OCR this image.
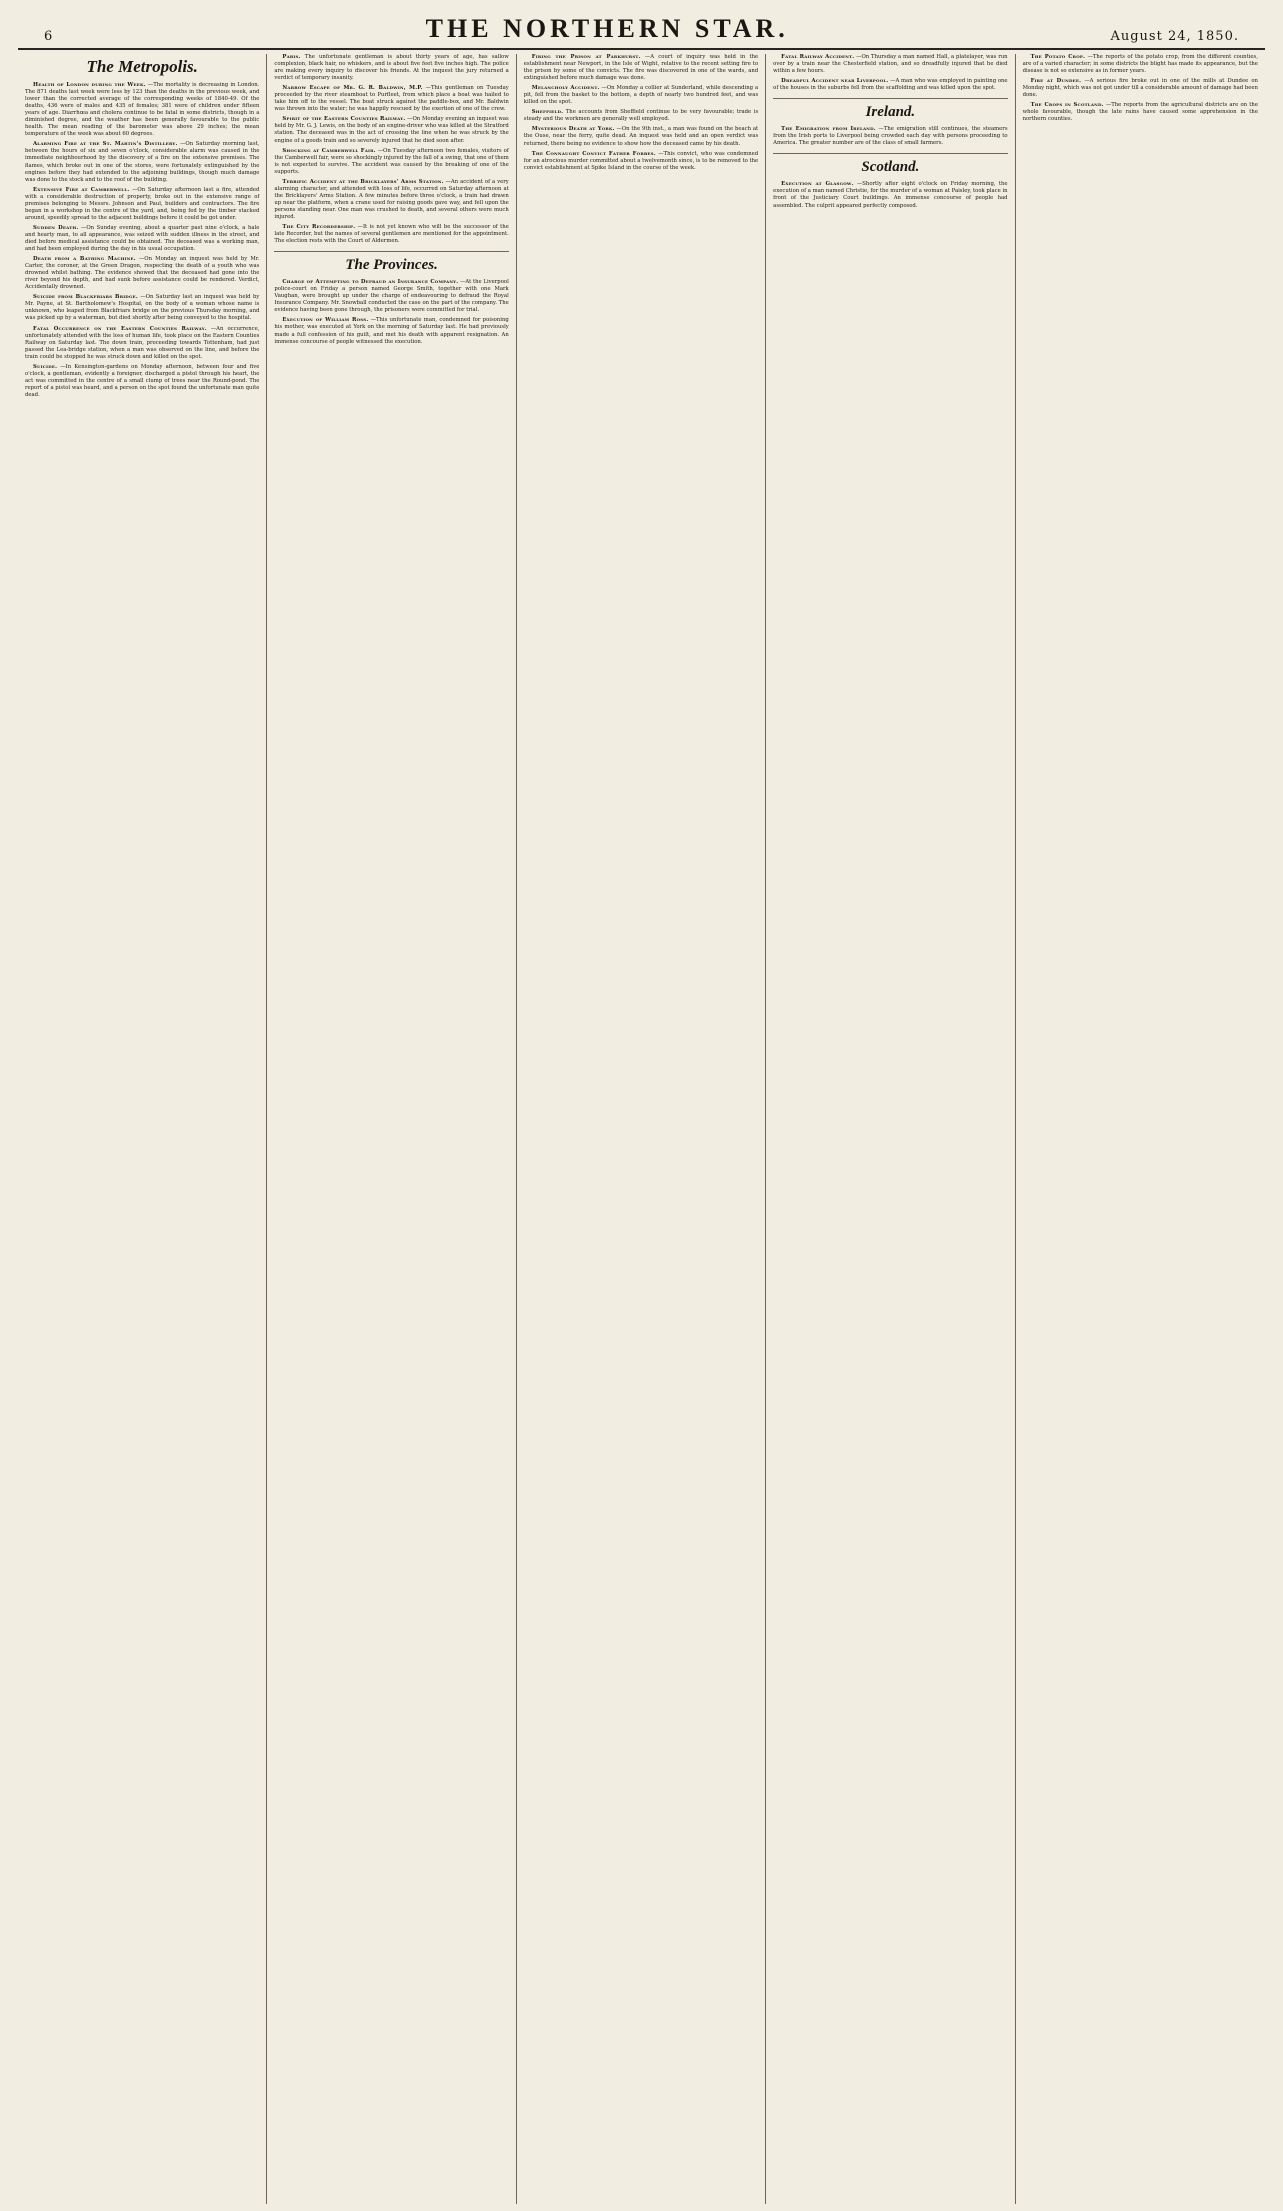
6	THE NORTHERN STAR.	August 24, 1850.
The Metropolis.

Health of London during the Week. —The mortality is decreasing in London. The 871 deaths last week were less by 123 than the deaths in the previous week, and lower than the corrected average of the corresponding weeks of 1840-49. Of the deaths, 436 were of males and 435 of females; 381 were of children under fifteen years of age. Diarrhœa and cholera continue to be fatal in some districts, though in a diminished degree, and the weather has been generally favourable to the public health. The mean reading of the barometer was above 29 inches; the mean temperature of the week was about 60 degrees.

Alarming Fire at the St. Martin's Distillery. —On Saturday morning last, between the hours of six and seven o'clock, considerable alarm was caused in the immediate neighbourhood by the discovery of a fire on the extensive premises. The flames, which broke out in one of the stores, were fortunately extinguished by the engines before they had extended to the adjoining buildings, though much damage was done to the stock and to the roof of the building.

Extensive Fire at Camberwell. —On Saturday afternoon last a fire, attended with a considerable destruction of property, broke out in the extensive range of premises belonging to Messrs. Johnson and Paul, builders and contractors. The fire began in a workshop in the centre of the yard, and, being fed by the timber stacked around, speedily spread to the adjacent buildings before it could be got under.

Sudden Death. —On Sunday evening, about a quarter past nine o'clock, a hale and hearty man, to all appearance, was seized with sudden illness in the street, and died before medical assistance could be obtained. The deceased was a working man, and had been employed during the day in his usual occupation.

Death from a Bathing Machine. —On Monday an inquest was held by Mr. Carter, the coroner, at the Green Dragon, respecting the death of a youth who was drowned whilst bathing. The evidence showed that the deceased had gone into the river beyond his depth, and had sunk before assistance could be rendered. Verdict, Accidentally drowned.

Suicide from Blackfriars Bridge. —On Saturday last an inquest was held by Mr. Payne, at St. Bartholomew's Hospital, on the body of a woman whose name is unknown, who leaped from Blackfriars bridge on the previous Thursday morning, and was picked up by a waterman, but died shortly after being conveyed to the hospital.

Fatal Occurrence on the Eastern Counties Railway. —An occurrence, unfortunately attended with the loss of human life, took place on the Eastern Counties Railway on Saturday last. The down train, proceeding towards Tottenham, had just passed the Lea-bridge station, when a man was observed on the line, and before the train could be stopped he was struck down and killed on the spot.

Suicide. —In Kensington-gardens on Monday afternoon, between four and five o'clock, a gentleman, evidently a foreigner, discharged a pistol through his heart, the act was committed in the centre of a small clump of trees near the Round-pond. The report of a pistol was heard, and a person on the spot found the unfortunate man quite dead.

Paris. The unfortunate gentleman is about thirty years of age, has sallow complexion, black hair, no whiskers, and is about five feet five inches high. The police are making every inquiry to discover his friends. At the inquest the jury returned a verdict of temporary insanity.

Narrow Escape of Mr. G. R. Baldwin, M.P. —This gentleman on Tuesday proceeded by the river steamboat to Purfleet, from which place a boat was hailed to take him off to the vessel. The boat struck against the paddle-box, and Mr. Baldwin was thrown into the water; he was happily rescued by the exertion of one of the crew.

Spirit of the Eastern Counties Railway. —On Monday evening an inquest was held by Mr. G. J. Lewis, on the body of an engine-driver who was killed at the Stratford station. The deceased was in the act of crossing the line when he was struck by the engine of a goods train and so severely injured that he died soon after.

Shocking at Camberwell Fair. —On Tuesday afternoon two females, visitors of the Camberwell fair, were so shockingly injured by the fall of a swing, that one of them is not expected to survive. The accident was caused by the breaking of one of the supports.

Terrific Accident at the Bricklayers' Arms Station. —An accident of a very alarming character, and attended with loss of life, occurred on Saturday afternoon at the Bricklayers' Arms Station. A few minutes before three o'clock, a train had drawn up near the platform, when a crane used for raising goods gave way, and fell upon the persons standing near. One man was crushed to death, and several others were much injured.

The City Recordership. —It is not yet known who will be the successor of the late Recorder, but the names of several gentlemen are mentioned for the appointment. The election rests with the Court of Aldermen.

The Provinces.

Charge of Attempting to Defraud an Insurance Company. —At the Liverpool police-court on Friday a person named George Smith, together with one Mark Vaughan, were brought up under the charge of endeavouring to defraud the Royal Insurance Company. Mr. Snowball conducted the case on the part of the company. The evidence having been gone through, the prisoners were committed for trial.

Execution of William Ross. —This unfortunate man, condemned for poisoning his mother, was executed at York on the morning of Saturday last. He had previously made a full confession of his guilt, and met his death with apparent resignation. An immense concourse of people witnessed the execution.

Firing the Prison at Parkhurst. —A court of inquiry was held in the establishment near Newport, in the Isle of Wight, relative to the recent setting fire to the prison by some of the convicts. The fire was discovered in one of the wards, and extinguished before much damage was done.

Melancholy Accident. —On Monday a collier at Sunderland, while descending a pit, fell from the basket to the bottom, a depth of nearly two hundred feet, and was killed on the spot.

Sheffield. The accounts from Sheffield continue to be very favourable; trade is steady and the workmen are generally well employed.

Mysterious Death at York. —On the 9th inst., a man was found on the beach at the Ouse, near the ferry, quite dead. An inquest was held and an open verdict was returned, there being no evidence to show how the deceased came by his death.

The Connaught Convict Father Forbes. —This convict, who was condemned for an atrocious murder committed about a twelvemonth since, is to be removed to the convict establishment at Spike Island in the course of the week.

Fatal Railway Accident. —On Thursday a man named Hall, a platelayer, was run over by a train near the Chesterfield station, and so dreadfully injured that he died within a few hours.

Dreadful Accident near Liverpool. —A man who was employed in painting one of the houses in the suburbs fell from the scaffolding and was killed upon the spot.

Ireland.

The Emigration from Ireland. —The emigration still continues, the steamers from the Irish ports to Liverpool being crowded each day with persons proceeding to America. The greater number are of the class of small farmers.

Scotland.

Execution at Glasgow. —Shortly after eight o'clock on Friday morning, the execution of a man named Christie, for the murder of a woman at Paisley, took place in front of the Justiciary Court buildings. An immense concourse of people had assembled. The culprit appeared perfectly composed.

The Potato Crop. —The reports of the potato crop, from the different counties, are of a varied character; in some districts the blight has made its appearance, but the disease is not so extensive as in former years.

Fire at Dundee. —A serious fire broke out in one of the mills at Dundee on Monday night, which was not got under till a considerable amount of damage had been done.

The Crops in Scotland. —The reports from the agricultural districts are on the whole favourable, though the late rains have caused some apprehension in the northern counties.
